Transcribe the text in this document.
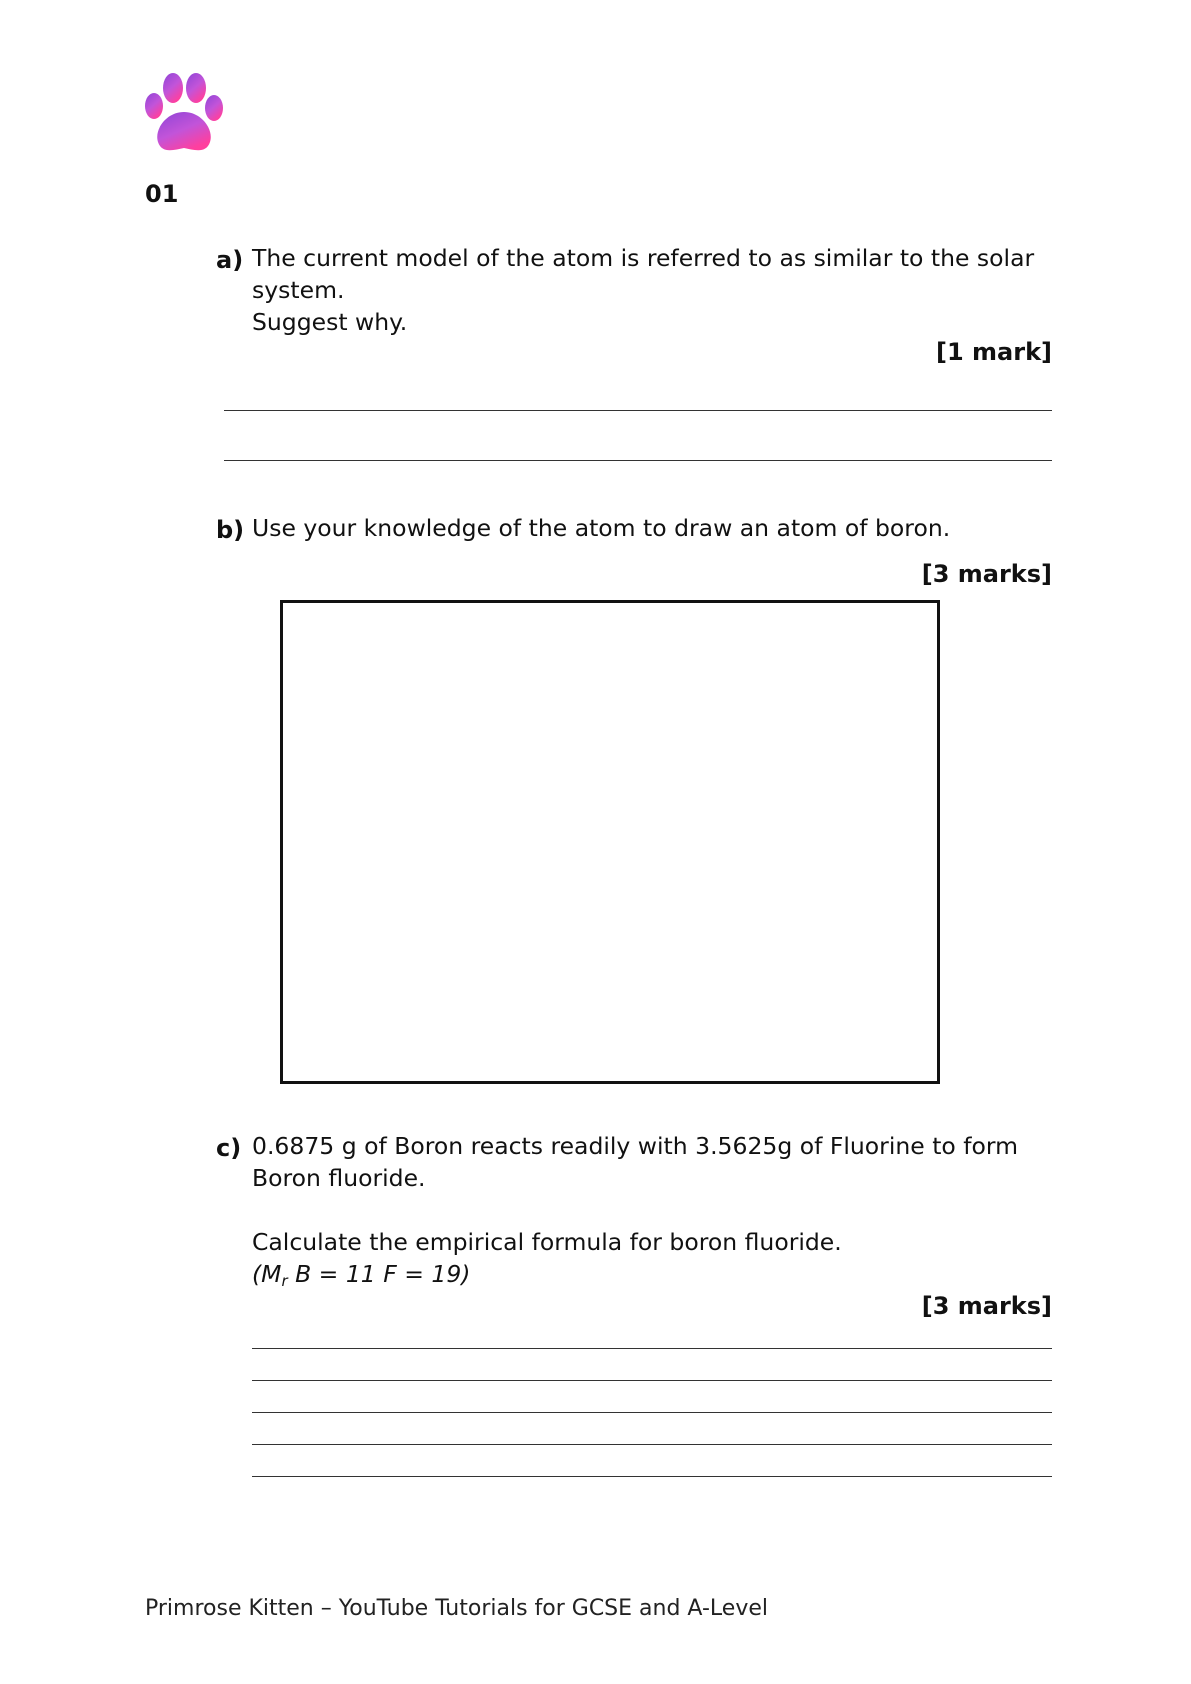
01
a) The current model of the atom is referred to as similar to the solar
system.
Suggest why.
[1 mark]
b) Use your knowledge of the atom to draw an atom of boron.
[3 marks]
c) 0.6875 g of Boron reacts readily with 3.5625g of Fluorine to form
Boron fluoride.
Calculate the empirical formula for boron fluoride.
($M_r$ B = 11 F = 19)
[3 marks]
Primrose Kitten – YouTube Tutorials for GCSE and A-Level
